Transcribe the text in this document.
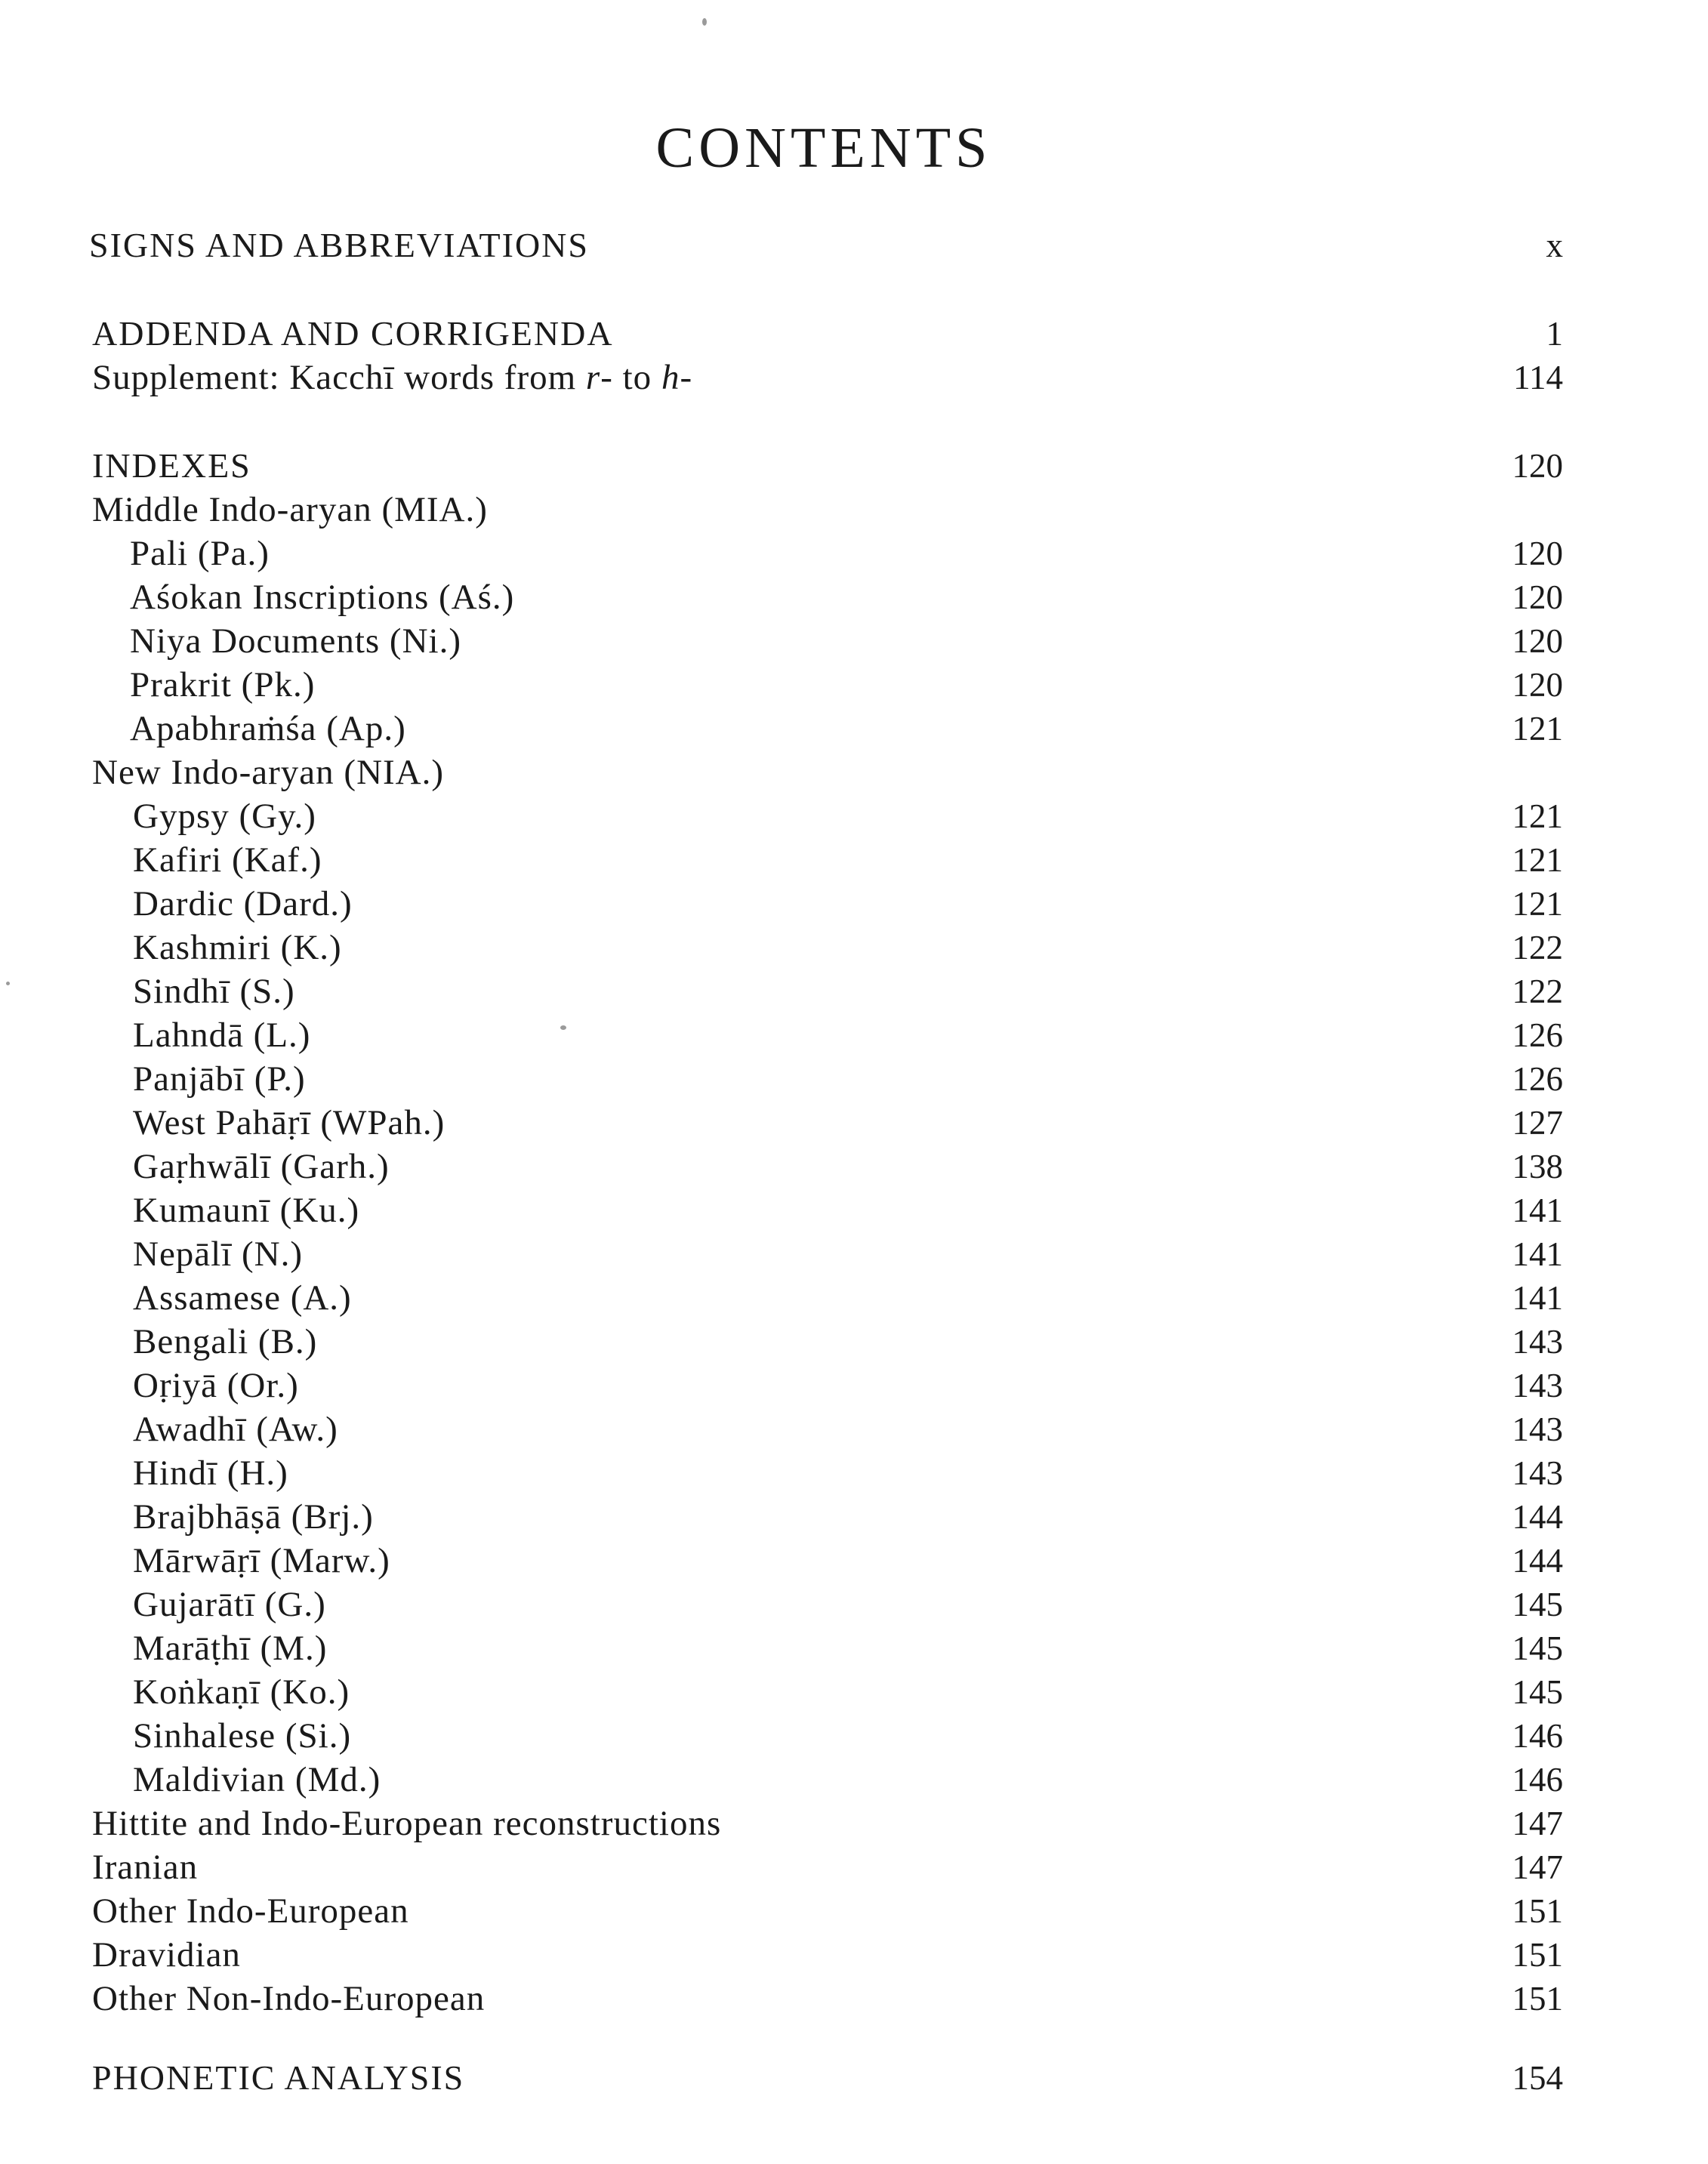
CONTENTS
SIGNS AND ABBREVIATIONS	x
ADDENDA AND CORRIGENDA	1
Supplement: Kacchī words from r- to h-	114
INDEXES	120
Middle Indo-aryan (MIA.)
Pali (Pa.)	120
Aśokan Inscriptions (Aś.)	120
Niya Documents (Ni.)	120
Prakrit (Pk.)	120
Apabhraṁśa (Ap.)	121
New Indo-aryan (NIA.)
Gypsy (Gy.)	121
Kafiri (Kaf.)	121
Dardic (Dard.)	121
Kashmiri (K.)	122
Sindhī (S.)	122
Lahndā (L.)	126
Panjābī (P.)	126
West Pahāṛī (WPah.)	127
Gaṛhwālī (Garh.)	138
Kumaunī (Ku.)	141
Nepālī (N.)	141
Assamese (A.)	141
Bengali (B.)	143
Oṛiyā (Or.)	143
Awadhī (Aw.)	143
Hindī (H.)	143
Brajbhāṣā (Brj.)	144
Mārwāṛī (Marw.)	144
Gujarātī (G.)	145
Marāṭhī (M.)	145
Koṅkaṇī (Ko.)	145
Sinhalese (Si.)	146
Maldivian (Md.)	146
Hittite and Indo-European reconstructions	147
Iranian	147
Other Indo-European	151
Dravidian	151
Other Non-Indo-European	151
PHONETIC ANALYSIS	154
